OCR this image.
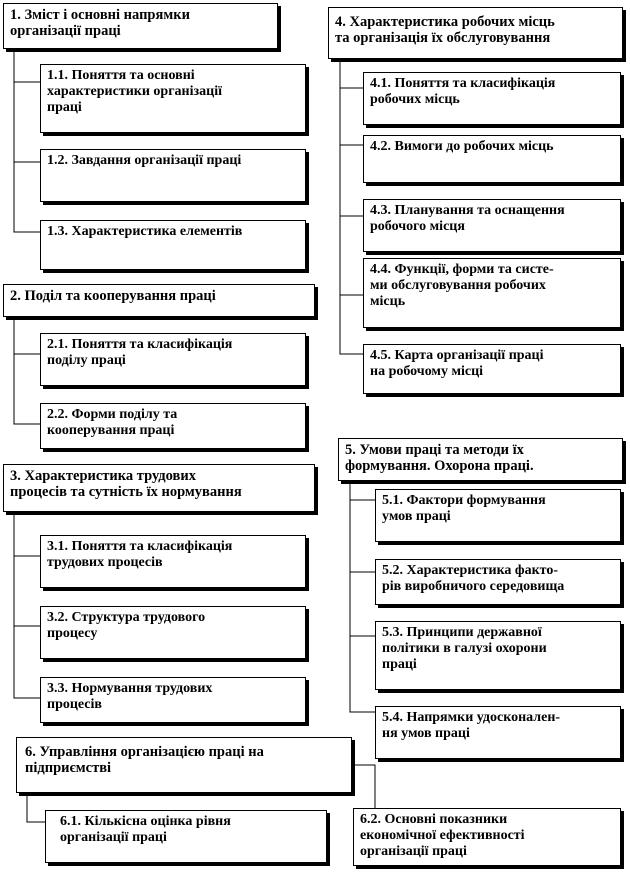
1. Зміст і основні напрямки
організації праці
1.1. Поняття та основні
характеристики організації
праці
1.2. Завдання організації праці
1.3. Характеристика елементів
2. Поділ та кооперування праці
2.1. Поняття та класифікація
поділу праці
2.2. Форми поділу та
кооперування праці
3. Характеристика трудових
процесів та сутність їх нормування
3.1. Поняття та класифікація
трудових процесів
3.2. Структура трудового
процесу
3.3. Нормування трудових
процесів
4. Характеристика робочих місць
та організація їх обслуговування
4.1. Поняття та класифікація
робочих місць
4.2. Вимоги до робочих місць
4.3. Планування та оснащення
робочого місця
4.4. Функції, форми та систе-
ми обслуговування робочих
місць
4.5. Карта організації праці
на робочому місці
5. Умови праці та методи їх
формування. Охорона праці.
5.1. Фактори формування
умов праці
5.2. Характеристика факто-
рів виробничого середовища
5.3. Принципи державної
політики в галузі охорони
праці
5.4. Напрямки удосконален-
ня умов праці
6. Управління організацією праці на
підприємстві
6.1. Кількісна оцінка рівня
організації праці
6.2. Основні показники
економічної ефективності
організації праці
